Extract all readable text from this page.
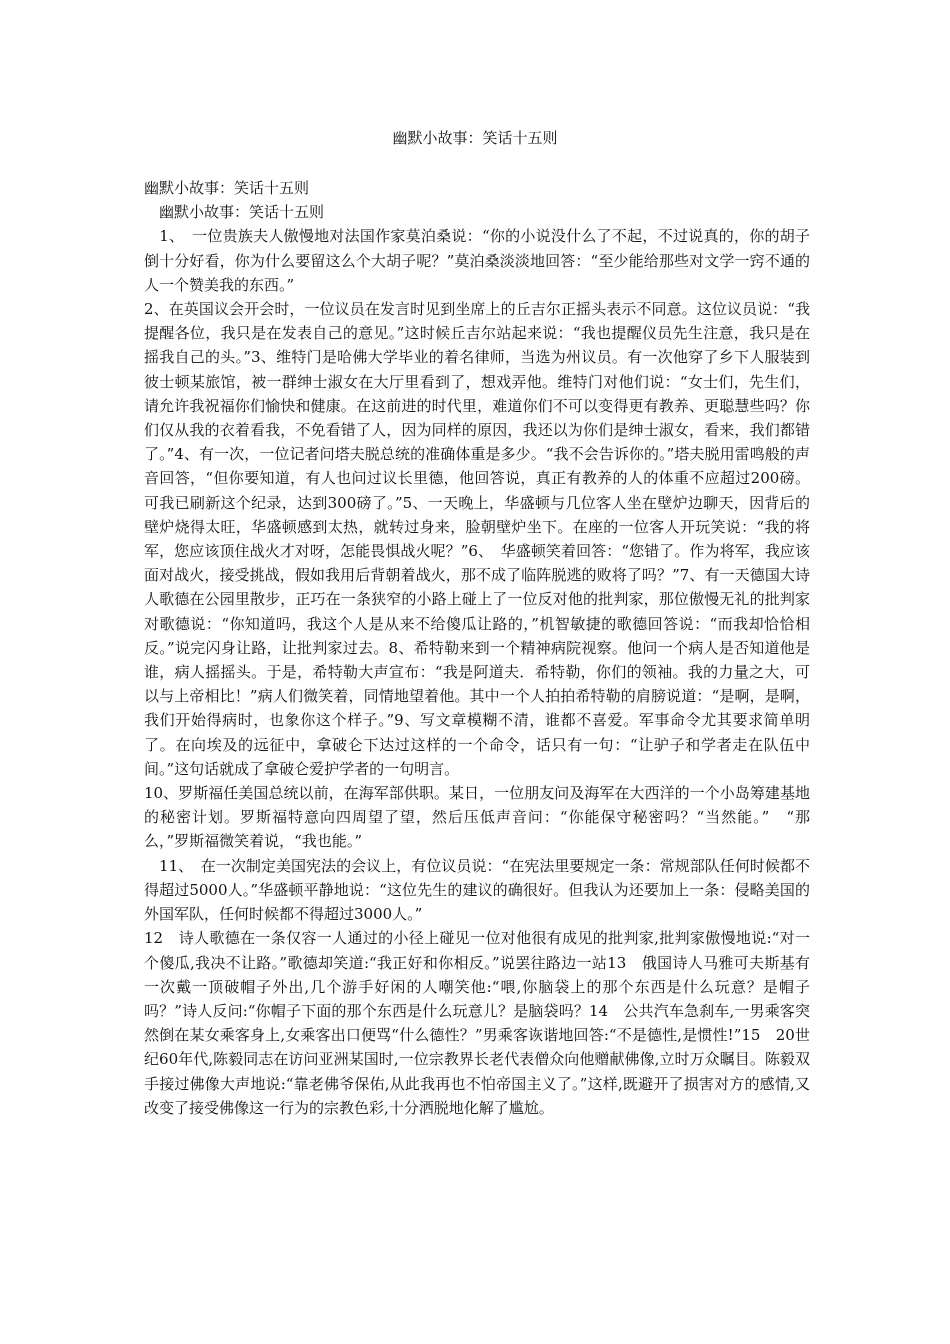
幽默小故事：笑话十五则

幽默小故事：笑话十五则

　幽默小故事：笑话十五则

　1、　一位贵族夫人傲慢地对法国作家莫泊桑说：“你的小说没什么了不起，不过说真的，你的胡子倒十分好看，你为什么要留这么个大胡子呢？”莫泊桑淡淡地回答：“至少能给那些对文学一窍不通的人一个赞美我的东西。”

2、在英国议会开会时，一位议员在发言时见到坐席上的丘吉尔正摇头表示不同意。这位议员说：“我提醒各位，我只是在发表自己的意见。”这时候丘吉尔站起来说：“我也提醒仪员先生注意，我只是在摇我自己的头。”3、维特门是哈佛大学毕业的着名律师，当选为州议员。有一次他穿了乡下人服装到彼士顿某旅馆，被一群绅士淑女在大厅里看到了，想戏弄他。维特门对他们说：“女士们，先生们，请允许我祝福你们愉快和健康。在这前进的时代里，难道你们不可以变得更有教养、更聪慧些吗？你们仅从我的衣着看我，不免看错了人，因为同样的原因，我还以为你们是绅士淑女，看来，我们都错了。”4、有一次，一位记者问塔夫脱总统的准确体重是多少。“我不会告诉你的。”塔夫脱用雷鸣般的声音回答，“但你要知道，有人也问过议长里德，他回答说，真正有教养的人的体重不应超过200磅。可我已刷新这个纪录，达到300磅了。”5、一天晚上，华盛顿与几位客人坐在壁炉边聊天，因背后的壁炉烧得太旺，华盛顿感到太热，就转过身来，脸朝壁炉坐下。在座的一位客人开玩笑说：“我的将军，您应该顶住战火才对呀，怎能畏惧战火呢？”6、　华盛顿笑着回答：“您错了。作为将军，我应该面对战火，接受挑战，假如我用后背朝着战火，那不成了临阵脱逃的败将了吗？”7、有一天德国大诗人歌德在公园里散步，正巧在一条狭窄的小路上碰上了一位反对他的批判家，那位傲慢无礼的批判家对歌德说：“你知道吗，我这个人是从来不给傻瓜让路的，”机智敏捷的歌德回答说：“而我却恰恰相反。”说完闪身让路，让批判家过去。8、希特勒来到一个精神病院视察。他问一个病人是否知道他是谁，病人摇摇头。于是，希特勒大声宣布：“我是阿道夫．希特勒，你们的领袖。我的力量之大，可以与上帝相比！”病人们微笑着，同情地望着他。其中一个人拍拍希特勒的肩膀说道：“是啊，是啊，我们开始得病时，也象你这个样子。”9、写文章模糊不清，谁都不喜爱。军事命令尤其要求简单明了。在向埃及的远征中，拿破仑下达过这样的一个命令，话只有一句：“让驴子和学者走在队伍中间。”这句话就成了拿破仑爱护学者的一句明言。

10、罗斯福任美国总统以前，在海军部供职。某日，一位朋友问及海军在大西洋的一个小岛筹建基地的秘密计划。罗斯福特意向四周望了望，然后压低声音问：“你能保守秘密吗？“当然能。”　“那么，”罗斯福微笑着说，“我也能。”

　11、　在一次制定美国宪法的会议上，有位议员说：“在宪法里要规定一条：常规部队任何时候都不得超过5000人。”华盛顿平静地说：“这位先生的建议的确很好。但我认为还要加上一条：侵略美国的外国军队，任何时候都不得超过3000人。”

12　诗人歌德在一条仅容一人通过的小径上碰见一位对他很有成见的批判家,批判家傲慢地说:“对一个傻瓜,我决不让路。”歌德却笑道:“我正好和你相反。”说罢往路边一站13　俄国诗人马雅可夫斯基有一次戴一顶破帽子外出,几个游手好闲的人嘲笑他:“喂,你脑袋上的那个东西是什么玩意？是帽子吗？”诗人反问:“你帽子下面的那个东西是什么玩意儿？是脑袋吗？14　公共汽车急刹车,一男乘客突然倒在某女乘客身上,女乘客出口便骂“什么德性？”男乘客诙谐地回答:“不是德性,是惯性!”15　20世纪60年代,陈毅同志在访问亚洲某国时,一位宗教界长老代表僧众向他赠献佛像,立时万众瞩目。陈毅双手接过佛像大声地说:“靠老佛爷保佑,从此我再也不怕帝国主义了。”这样,既避开了损害对方的感情,又改变了接受佛像这一行为的宗教色彩,十分洒脱地化解了尴尬。
